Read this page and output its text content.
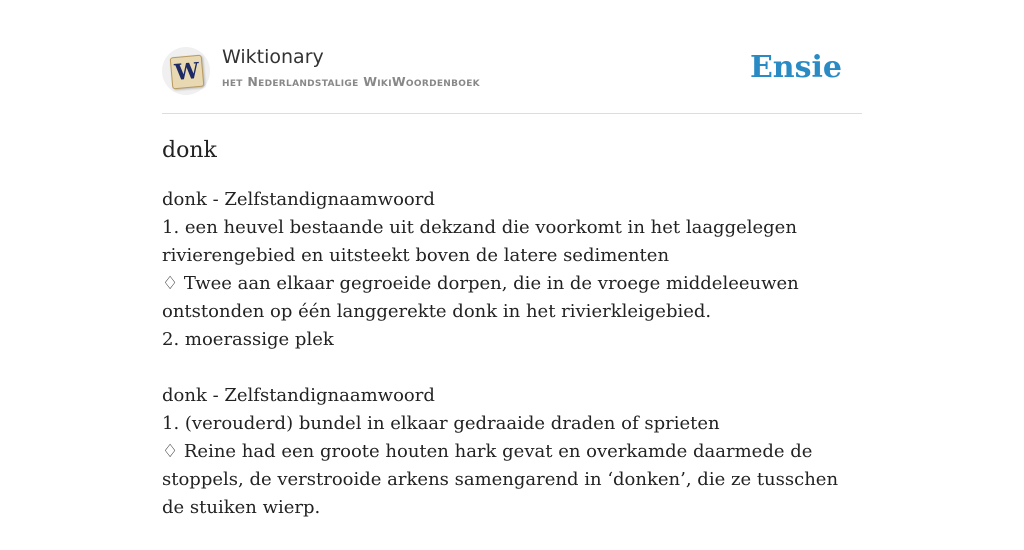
W
Wiktionary
het Nederlandstalige WikiWoordenboek	Ensie
donk
donk - Zelfstandignaamwoord
1. een heuvel bestaande uit dekzand die voorkomt in het laaggelegen rivierengebied en uitsteekt boven de latere sedimenten
♢ Twee aan elkaar gegroeide dorpen, die in de vroege middeleeuwen ontstonden op één langgerekte donk in het rivierkleigebied.
2. moerassige plek
donk - Zelfstandignaamwoord
1. (verouderd) bundel in elkaar gedraaide draden of sprieten
♢ Reine had een groote houten hark gevat en overkamde daarmede de stoppels, de verstrooide arkens samengarend in ‘donken’, die ze tusschen de stuiken wierp.
